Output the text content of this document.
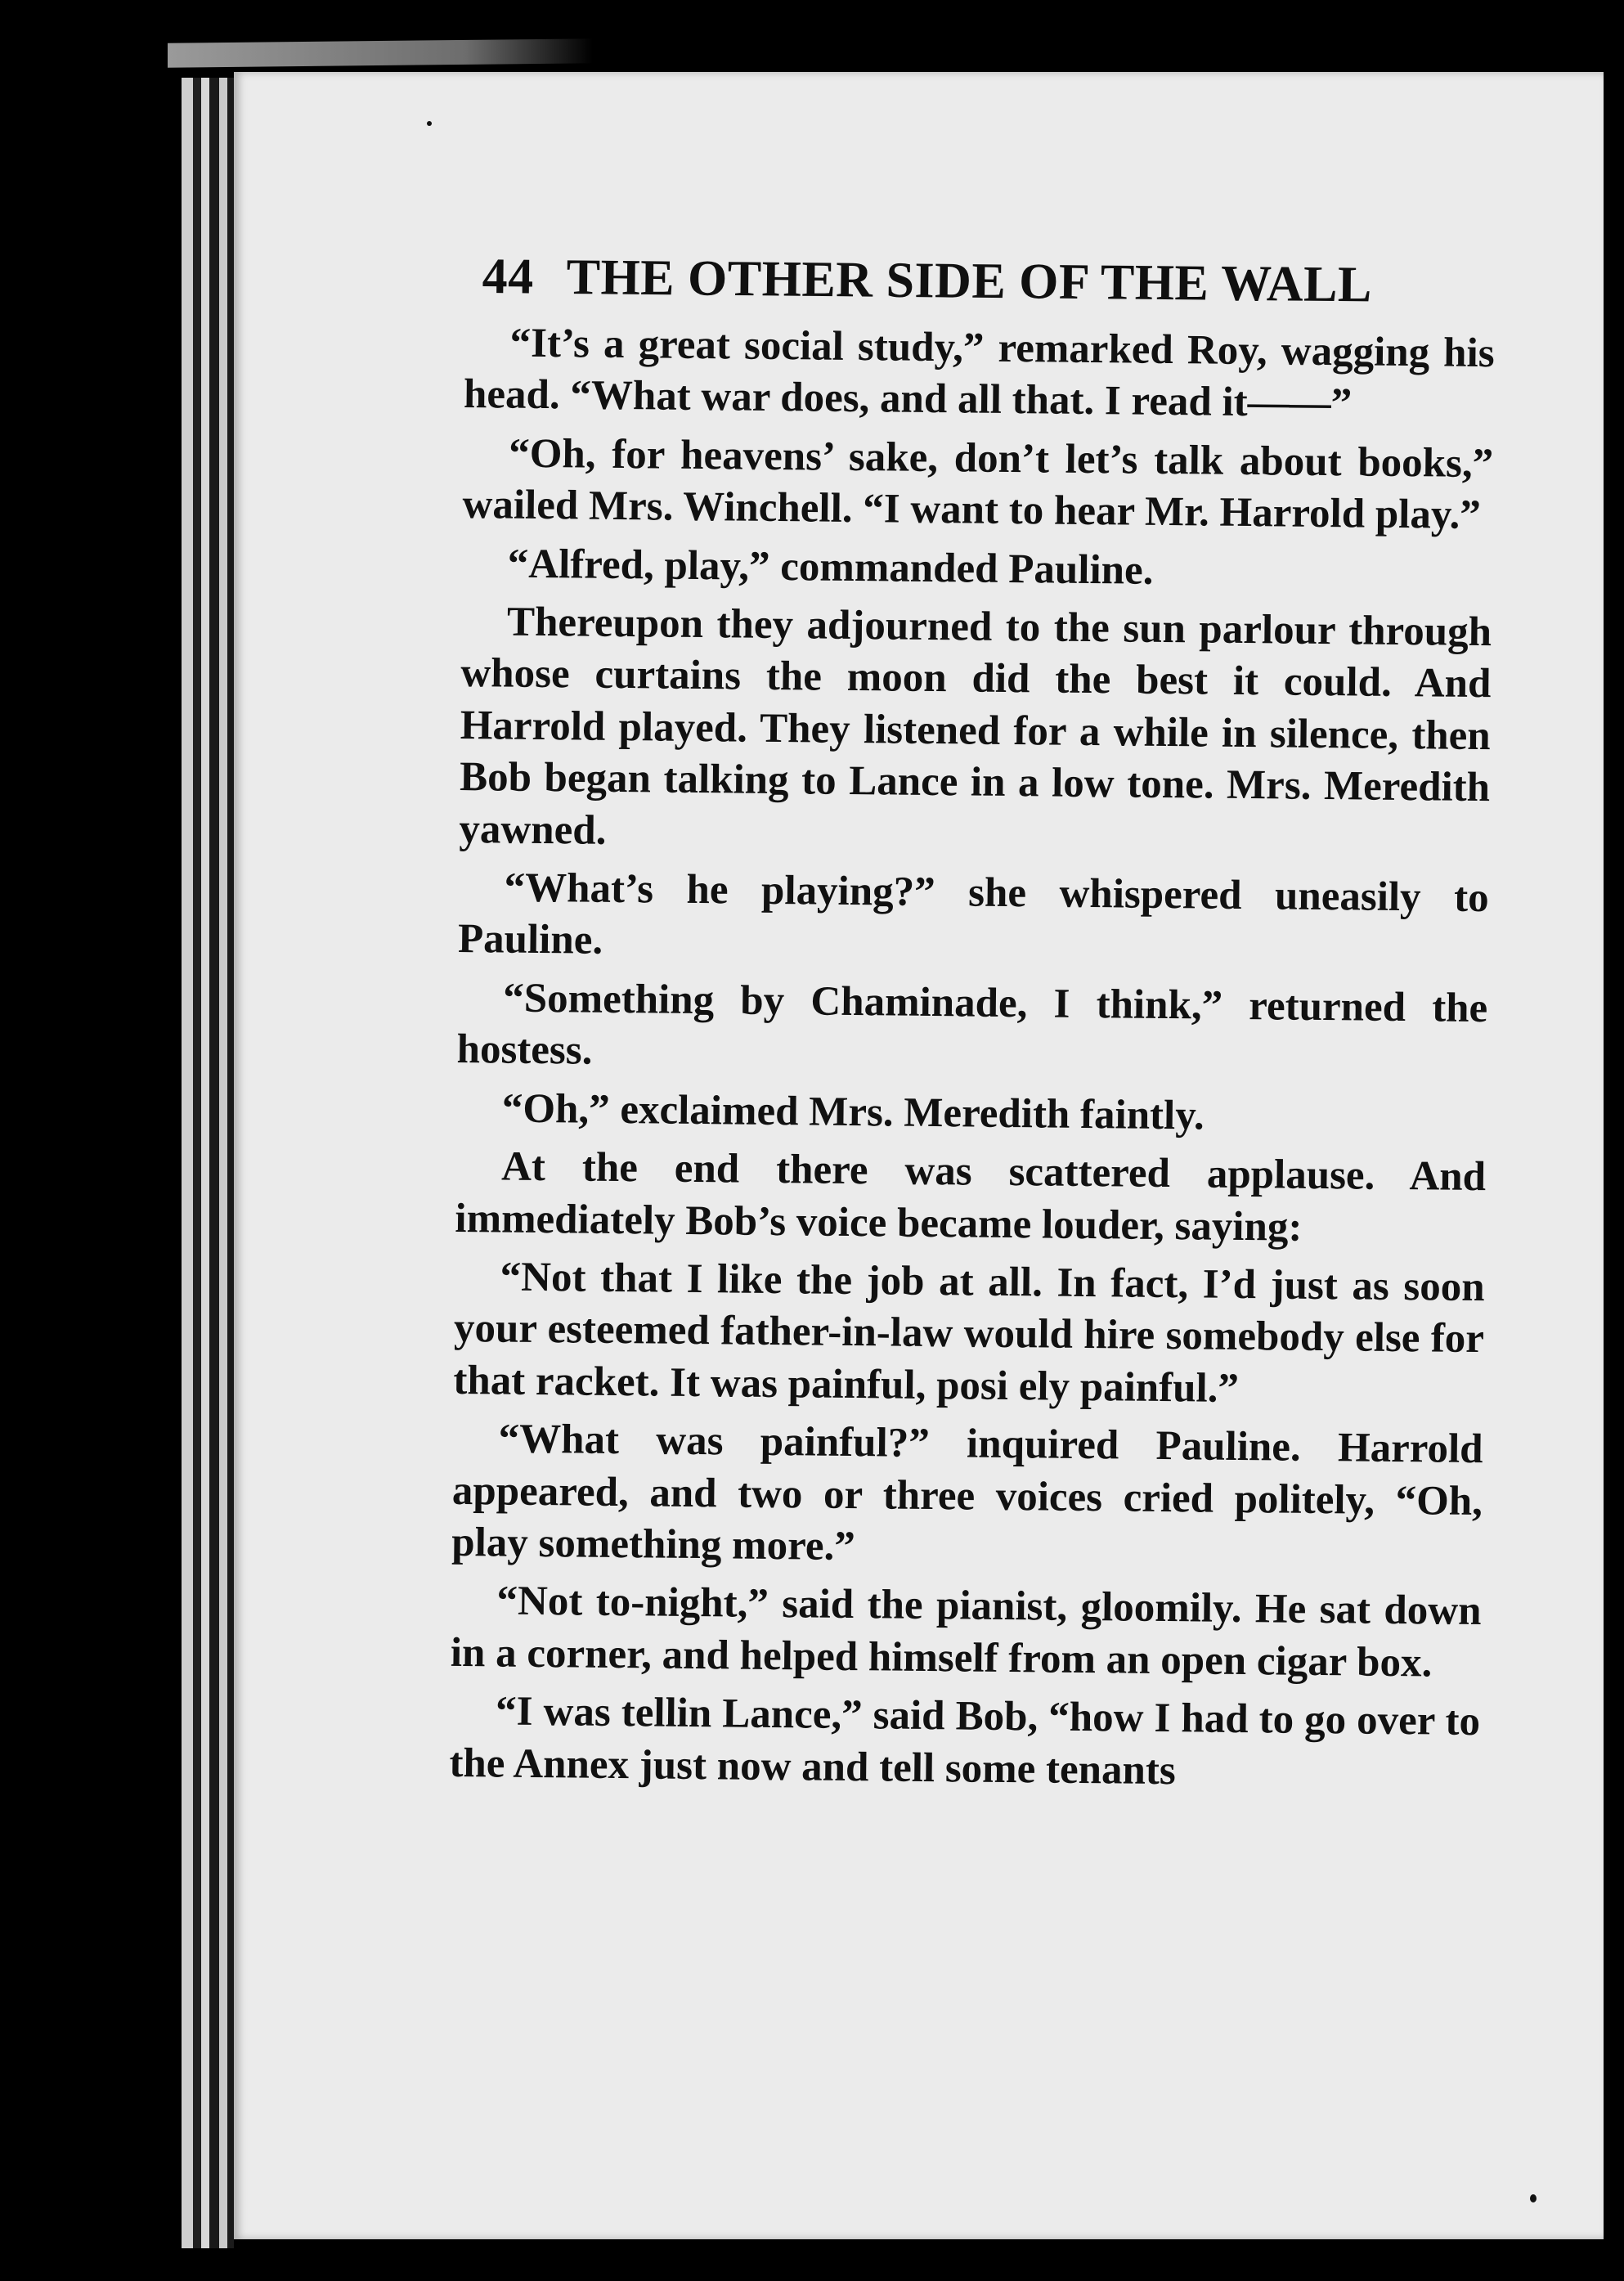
44 THE OTHER SIDE OF THE WALL

“It’s a great social study,” remarked Roy, wagging his head. “What war does, and all that. I read it——”

“Oh, for heavens’ sake, don’t let’s talk about books,” wailed Mrs. Winchell. “I want to hear Mr. Harrold play.”

“Alfred, play,” commanded Pauline.

Thereupon they adjourned to the sun parlour through whose curtains the moon did the best it could. And Harrold played. They listened for a while in silence, then Bob began talking to Lance in a low tone. Mrs. Meredith yawned.

“What’s he playing?” she whispered uneasily to Pauline.

“Something by Chaminade, I think,” returned the hostess.

“Oh,” exclaimed Mrs. Meredith faintly.

At the end there was scattered applause. And immediately Bob’s voice became louder, saying:

“Not that I like the job at all. In fact, I’d just as soon your esteemed father-in-law would hire somebody else for that racket. It was painful, posi ely painful.”

“What was painful?” inquired Pauline. Harrold appeared, and two or three voices cried politely, “Oh, play something more.”

“Not to-night,” said the pianist, gloomily. He sat down in a corner, and helped himself from an open cigar box.

“I was tellin Lance,” said Bob, “how I had to go over to the Annex just now and tell some tenants
